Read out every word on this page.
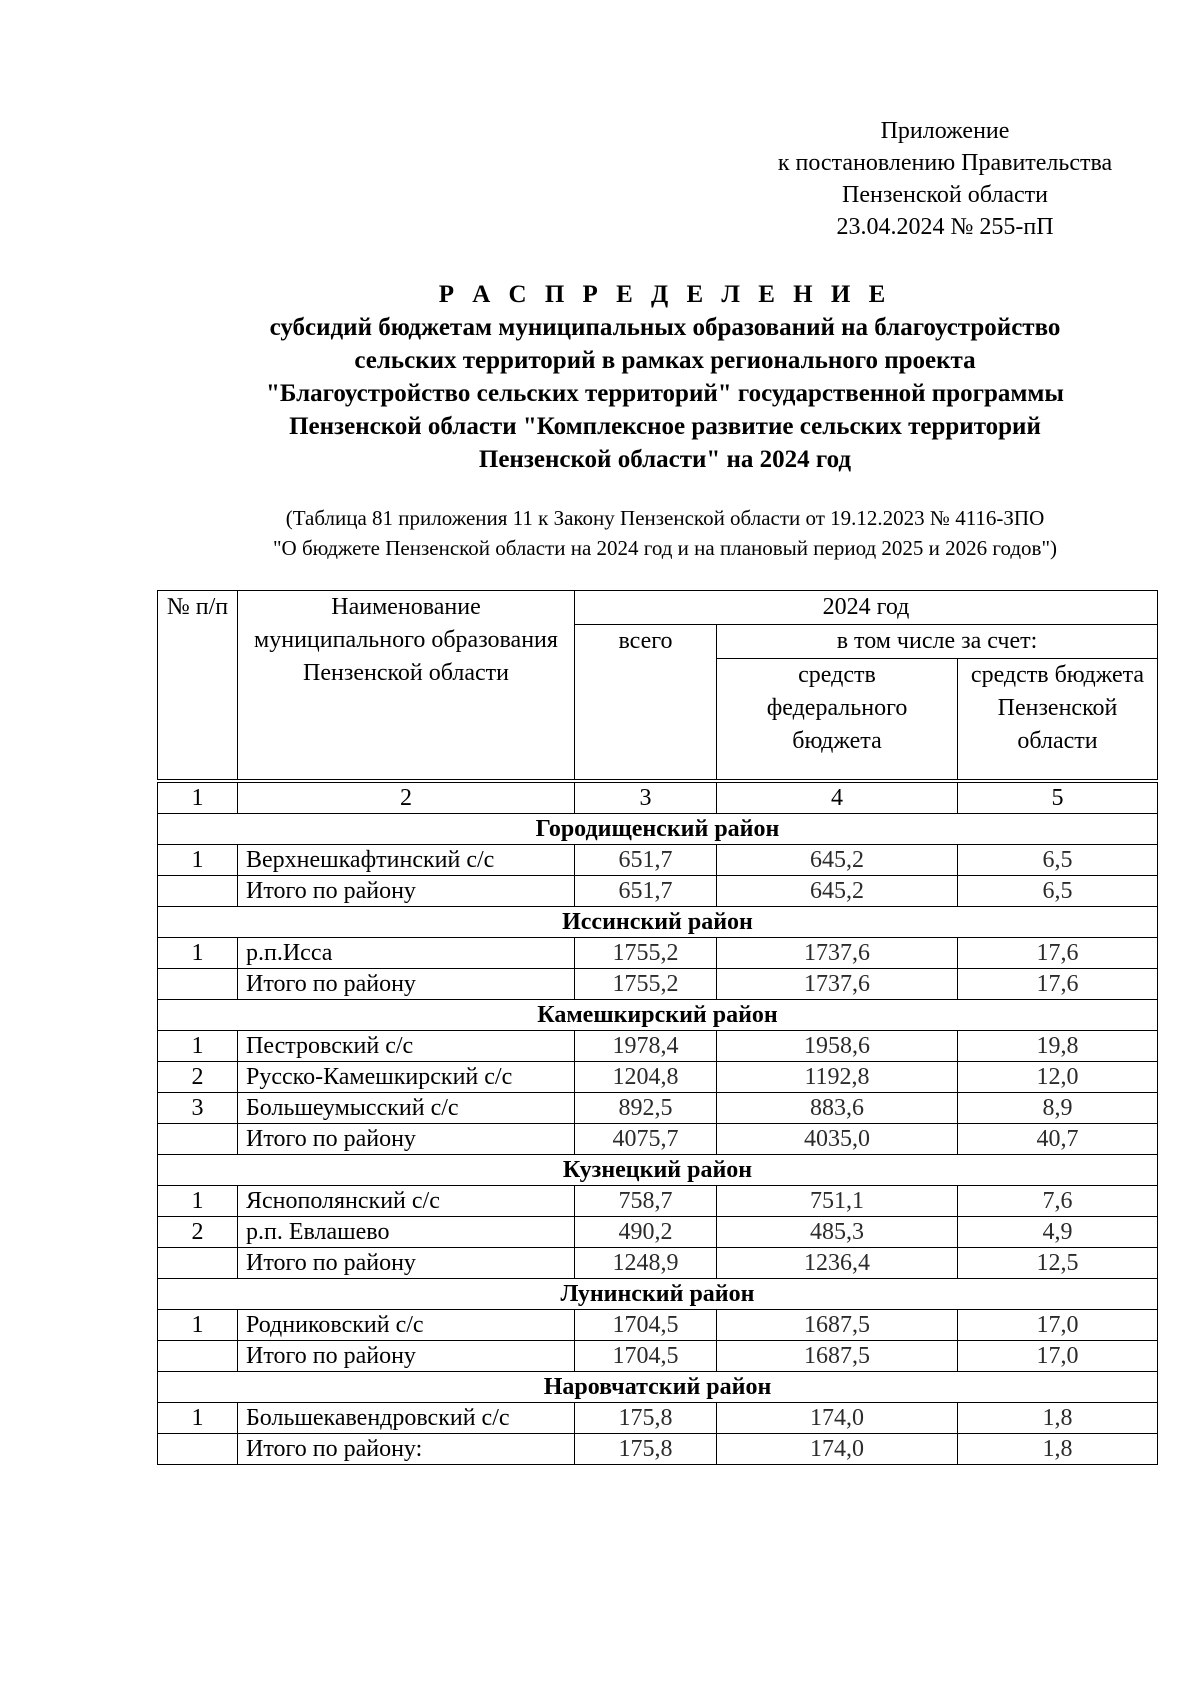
Приложение
к постановлению Правительства
Пензенской области
23.04.2024 № 255-пП
Р А С П Р Е Д Е Л Е Н И Е
субсидий бюджетам муниципальных образований на благоустройство
сельских территорий в рамках регионального проекта
"Благоустройство сельских территорий" государственной программы
Пензенской области "Комплексное развитие сельских территорий
Пензенской области" на 2024 год
(Таблица 81 приложения 11 к Закону Пензенской области от 19.12.2023 № 4116-ЗПО
"О бюджете Пензенской области на 2024 год и на плановый период 2025 и 2026 годов")
№ п/п	Наименование муниципального образования Пензенской области	2024 год		
		всего	в том числе за счет:	
			средств федерального бюджета	средств бюджета Пензенской области

1	2	3	4	5
Городищенский район				
1	Верхнешкафтинский с/с	651,7	645,2	6,5
	Итого по району	651,7	645,2	6,5
Иссинский район				
1	р.п.Исса	1755,2	1737,6	17,6
	Итого по району	1755,2	1737,6	17,6
Камешкирский район				
1	Пестровский с/с	1978,4	1958,6	19,8
2	Русско-Камешкирский с/с	1204,8	1192,8	12,0
3	Большеумысский с/с	892,5	883,6	8,9
	Итого по району	4075,7	4035,0	40,7
Кузнецкий район				
1	Яснополянский с/с	758,7	751,1	7,6
2	р.п. Евлашево	490,2	485,3	4,9
	Итого по району	1248,9	1236,4	12,5
Лунинский район				
1	Родниковский с/с	1704,5	1687,5	17,0
	Итого по району	1704,5	1687,5	17,0
Наровчатский район				
1	Большекавендровский с/с	175,8	174,0	1,8
	Итого по району:	175,8	174,0	1,8
